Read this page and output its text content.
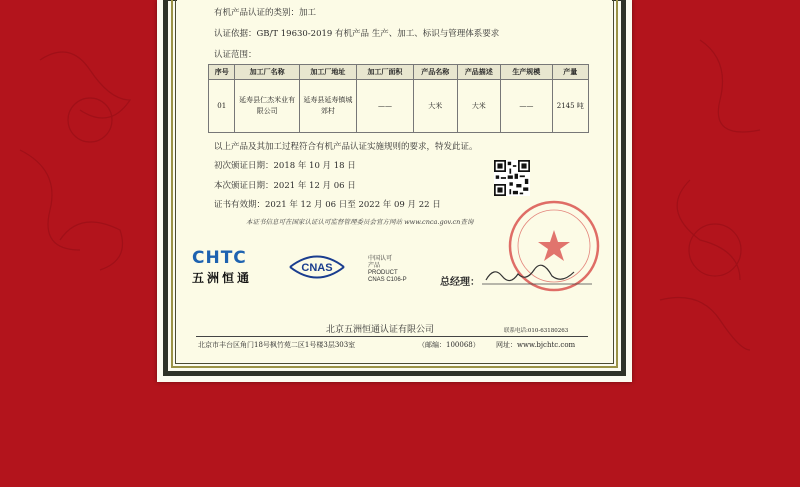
有机产品认证的类别：加工
认证依据：GB/T 19630-2019 有机产品 生产、加工、标识与管理体系要求
认证范围：
序号	加工厂名称	加工厂地址	加工厂面积	产品名称	产品描述	生产规模	产量
01	延寿县仁杰米业有限公司	延寿县延寿镇城郊村	——	大米	大米	——	2145 吨
以上产品及其加工过程符合有机产品认证实施规则的要求，特发此证。
初次颁证日期：2018 年 10 月 18 日
本次颁证日期：2021 年 12 月 06 日
证书有效期：2021 年 12 月 06 日至 2022 年 09 月 22 日
本证书信息可在国家认证认可监督管理委员会官方网站 www.cnca.gov.cn查询
CHTC
五洲恒通
CNAS
中国认可
产品
PRODUCT
CNAS C106-P	总经理：
北京五洲恒通认证有限公司	联系电话:010-63180263
北京市丰台区角门18号枫竹苑二区1号楼3层303室	（邮编：100068） 网址：www.bjchtc.com
